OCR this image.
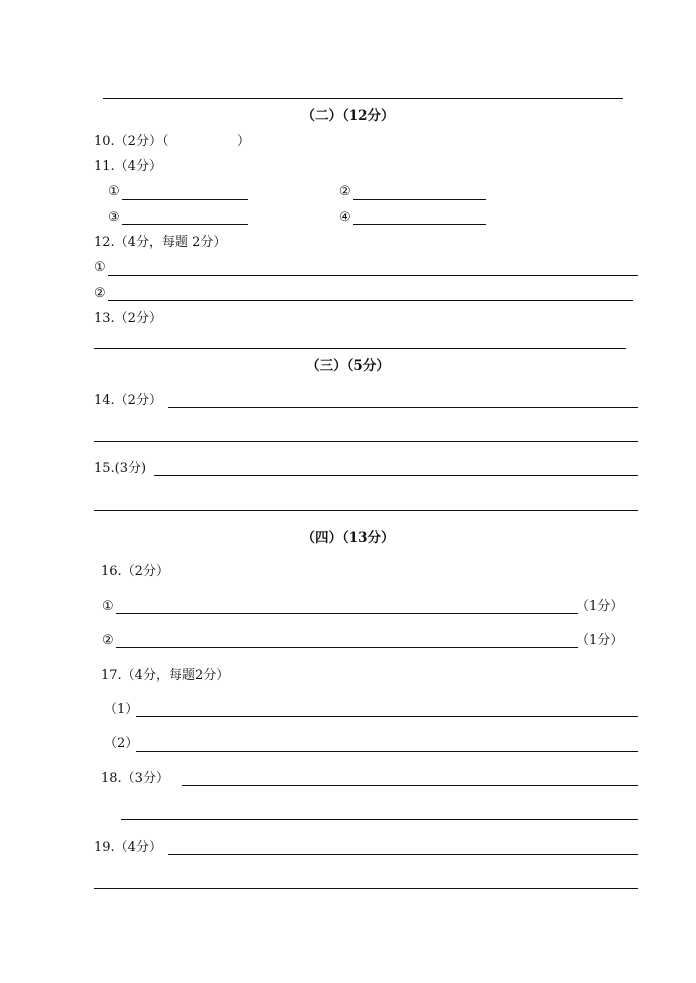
（二）（12分）
10.（2分）（	）
11.（4分）
①	②
③	④
12.（4分，每题 2分）
①
②
13.（2分）
（三）（5分）
14.（2分）
15.(3分)
（四）（13分）
16.（2分）
①	（1分）
②	（1分）
17.（4分，每题2分）
（1）
（2）
18.（3分）
19.（4分）
